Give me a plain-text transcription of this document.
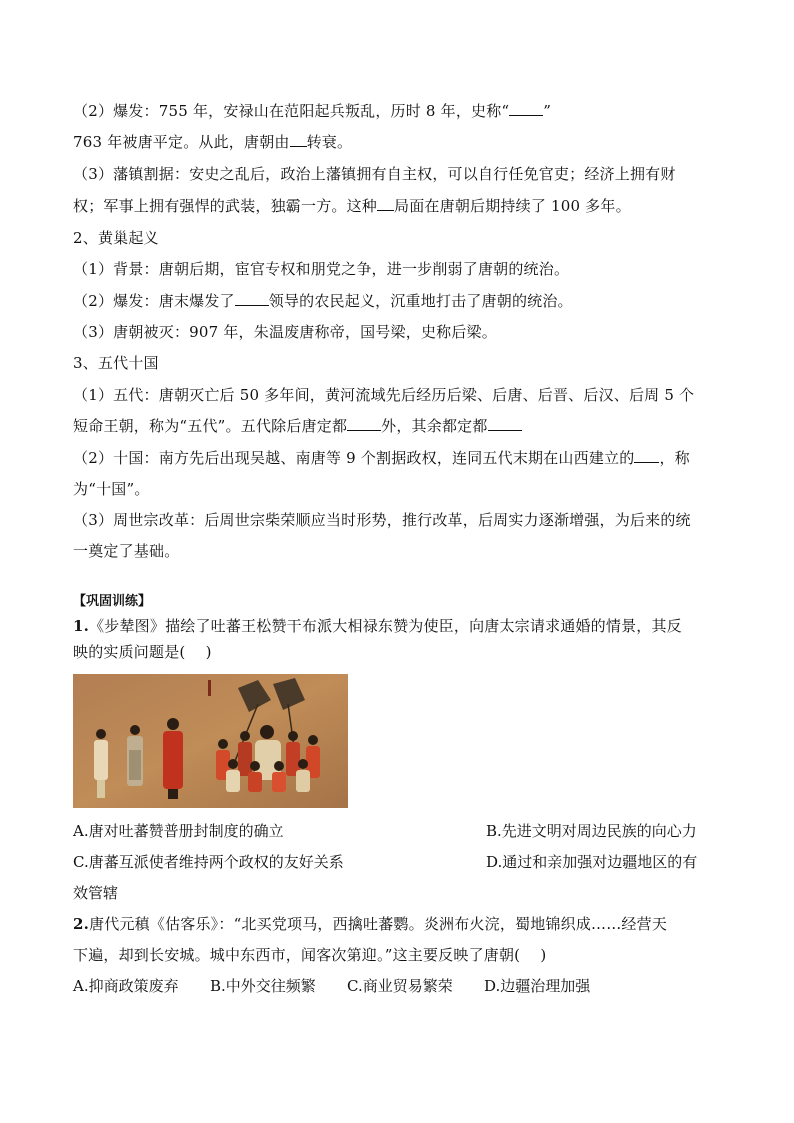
（2）爆发：755 年，安禄山在范阳起兵叛乱，历时 8 年，史称“ ”
763 年被唐平定。从此，唐朝由 转衰。
（3）藩镇割据：安史之乱后，政治上藩镇拥有自主权，可以自行任免官吏；经济上拥有财
权；军事上拥有强悍的武装，独霸一方。这种 局面在唐朝后期持续了 100 多年。
2、黄巢起义
（1）背景：唐朝后期，宦官专权和朋党之争，进一步削弱了唐朝的统治。
（2）爆发：唐末爆发了 领导的农民起义，沉重地打击了唐朝的统治。
（3）唐朝被灭：907 年，朱温废唐称帝，国号梁，史称后梁。
3、五代十国
（1）五代：唐朝灭亡后 50 多年间，黄河流域先后经历后梁、后唐、后晋、后汉、后周 5 个
短命王朝，称为“五代”。五代除后唐定都 外，其余都定都
（2）十国：南方先后出现吴越、南唐等 9 个割据政权，连同五代末期在山西建立的 ，称
为“十国”。
（3）周世宗改革：后周世宗柴荣顺应当时形势，推行改革，后周实力逐渐增强，为后来的统
一奠定了基础。
【巩固训练】
1.《步辇图》描绘了吐蕃王松赞干布派大相禄东赞为使臣，向唐太宗请求通婚的情景，其反
映的实质问题是(　 )
A.唐对吐蕃赞普册封制度的确立	B.先进文明对周边民族的向心力
C.唐蕃互派使者维持两个政权的友好关系	D.通过和亲加强对边疆地区的有
效管辖
2.唐代元稹《估客乐》：“北买党项马，西擒吐蕃鹦。炎洲布火浣，蜀地锦织成……经营天
下遍，却到长安城。城中东西市，闻客次第迎。”这主要反映了唐朝(　 )
A.抑商政策废弃 B.中外交往频繁 C.商业贸易繁荣 D.边疆治理加强
